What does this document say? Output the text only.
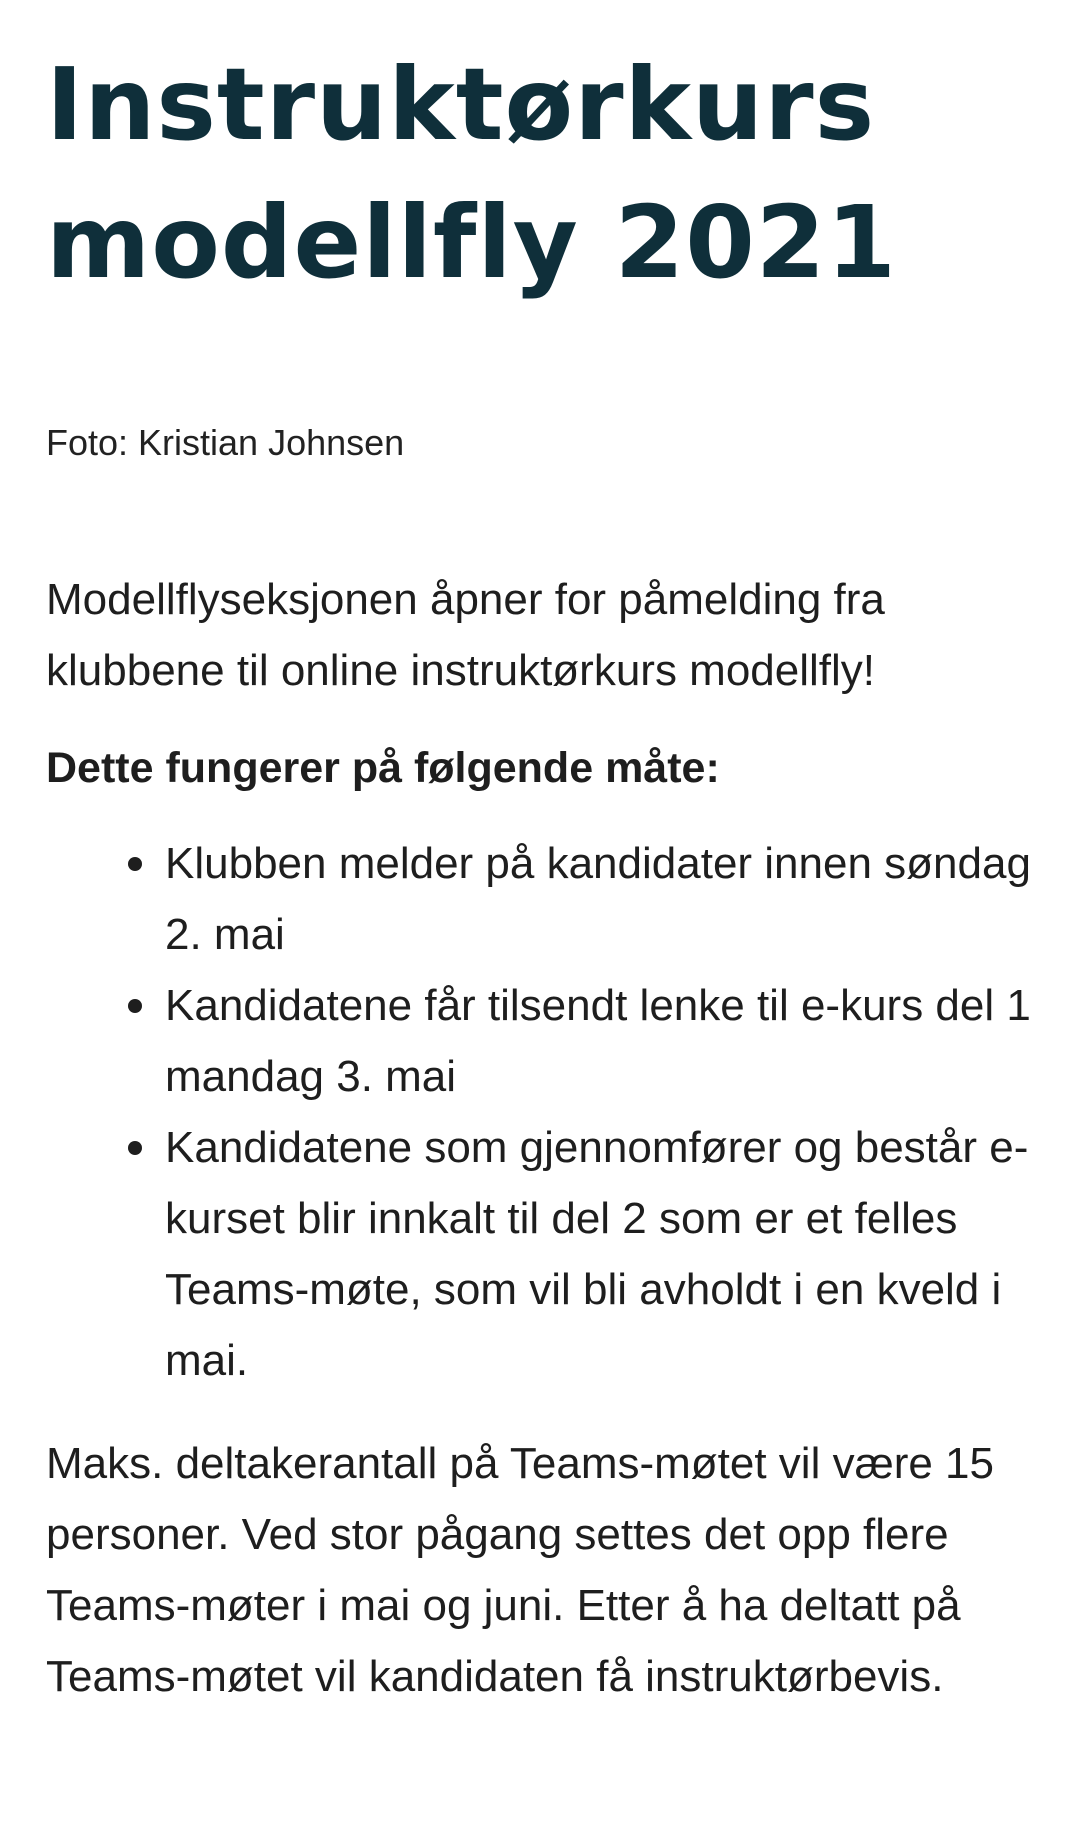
Instruktørkurs
modellfly 2021

Foto: Kristian Johnsen

Modellflyseksjonen åpner for påmelding fra klubbene til online instruktørkurs modellfly!

Dette fungerer på følgende måte:

Klubben melder på kandidater innen søndag 2. mai
Kandidatene får tilsendt lenke til e-kurs del 1 mandag 3. mai
Kandidatene som gjennomfører og består e-kurset blir innkalt til del 2 som er et felles Teams-møte, som vil bli avholdt i en kveld i mai.

Maks. deltakerantall på Teams-møtet vil være 15 personer. Ved stor pågang settes det opp flere Teams-møter i mai og juni. Etter å ha deltatt på Teams-møtet vil kandidaten få instruktørbevis.
